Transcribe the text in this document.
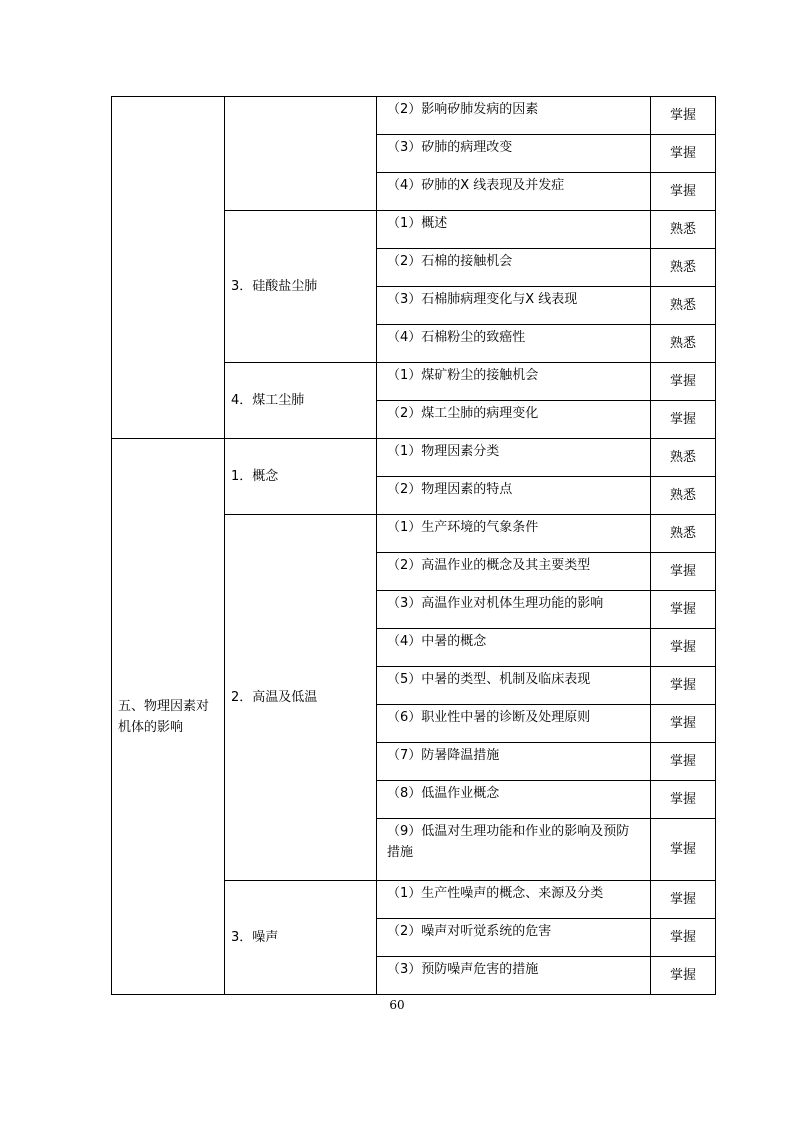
		（2）影响矽肺发病的因素	掌握
		（3）矽肺的病理改变	掌握
		（4）矽肺的X 线表现及并发症	掌握
	3．硅酸盐尘肺	（1）概述	熟悉
		（2）石棉的接触机会	熟悉
		（3）石棉肺病理变化与X 线表现	熟悉
		（4）石棉粉尘的致癌性	熟悉
	4．煤工尘肺	（1）煤矿粉尘的接触机会	掌握
		（2）煤工尘肺的病理变化	掌握
五、物理因素对机体的影响	1．概念	（1）物理因素分类	熟悉
		（2）物理因素的特点	熟悉
	2．高温及低温	（1）生产环境的气象条件	熟悉
		（2）高温作业的概念及其主要类型	掌握
		（3）高温作业对机体生理功能的影响	掌握
		（4）中暑的概念	掌握
		（5）中暑的类型、机制及临床表现	掌握
		（6）职业性中暑的诊断及处理原则	掌握
		（7）防暑降温措施	掌握
		（8）低温作业概念	掌握
		（9）低温对生理功能和作业的影响及预防措施	掌握
	3．噪声	（1）生产性噪声的概念、来源及分类	掌握
		（2）噪声对听觉系统的危害	掌握
		（3）预防噪声危害的措施	掌握
60
